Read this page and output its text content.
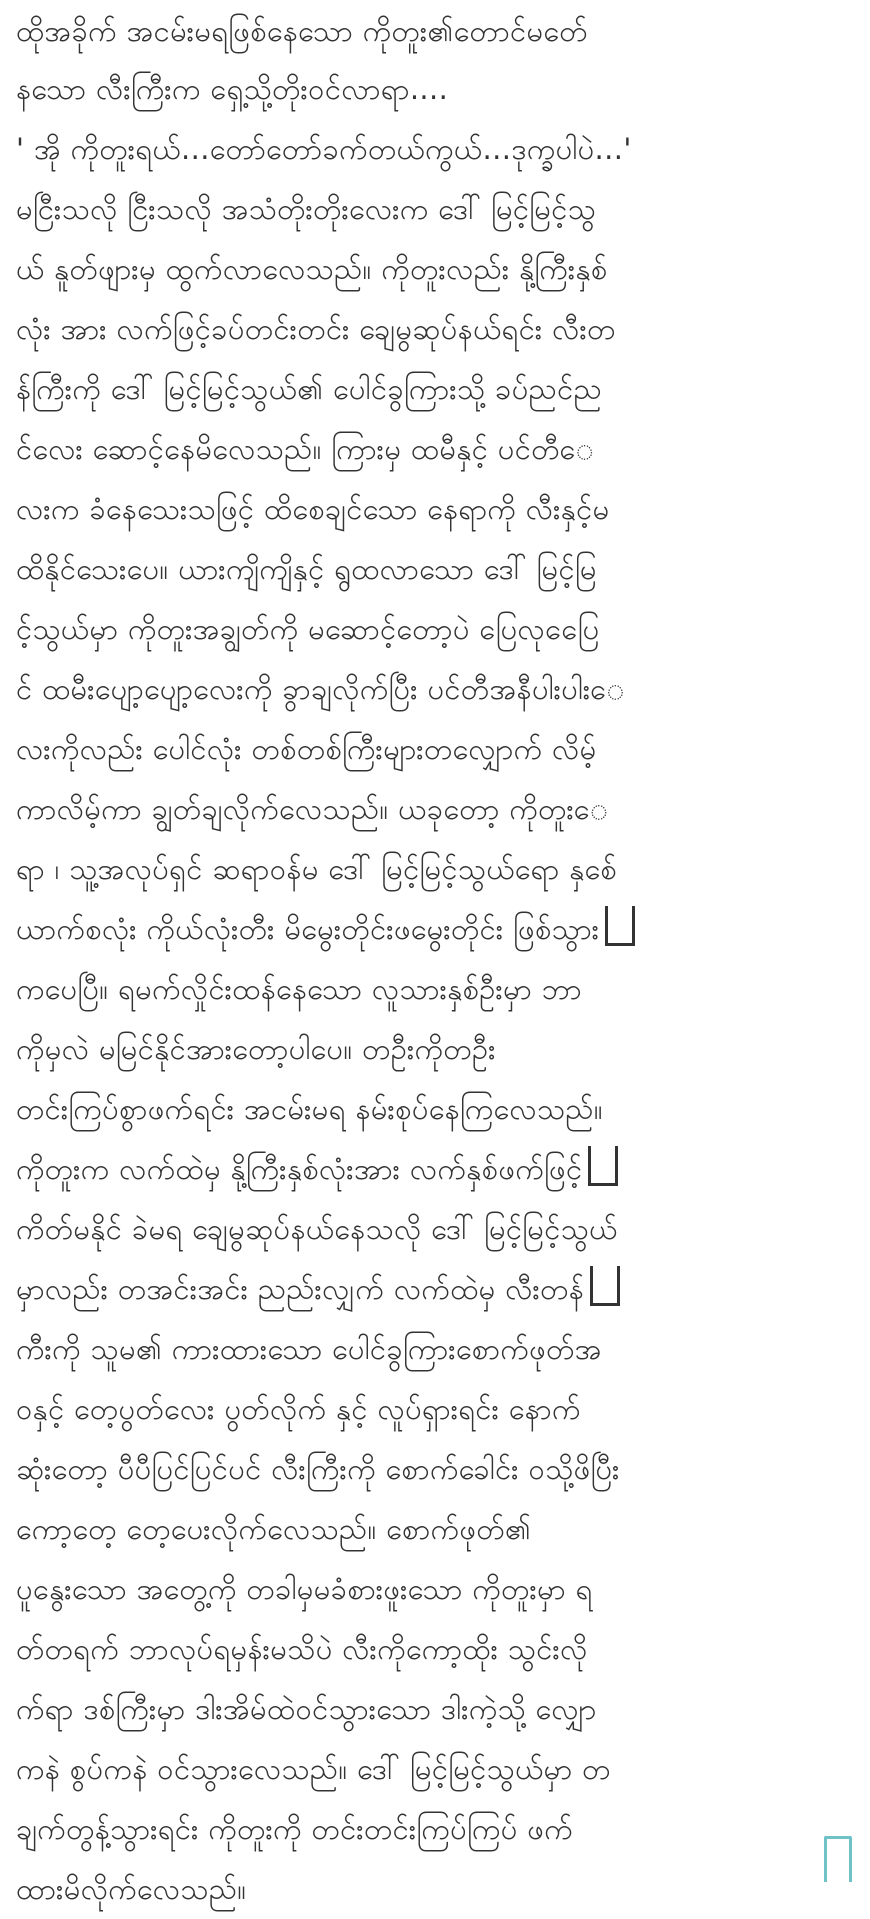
ထိုအခိုက် အငမ်းမရဖြစ်နေသော ကိုတူး၏တောင်မတ်ေ
နသော လီးကြီးက ရှေ့သို့တိုးဝင်လာရာ....
' အို ကိုတူးရယ်...တော်တော်ခက်တယ်ကွယ်...ဒုက္ခပါပဲ...'
မငြီးသလို ငြီးသလို အသံတိုးတိုးလေးက ဒေါ် မြင့်မြင့်သွ
ယ် နူတ်ဖျားမှ ထွက်လာလေသည်။ ကိုတူးလည်း နို့ကြီးနှစ်
လုံး အား လက်ဖြင့်ခပ်တင်းတင်း ချေမွဆုပ်နယ်ရင်း လီးတ
န်ကြီးကို ဒေါ် မြင့်မြင့်သွယ်၏ ပေါင်ခွကြားသို့ ခပ်ညင်ည
င်လေး ဆောင့်နေမိလေသည်။ ကြားမှ ထမီနှင့် ပင်တီေ
လးက ခံနေသေးသဖြင့် ထိစေချင်သော နေရာကို လီးနှင့်မ
ထိနိုင်သေးပေ။ ယားကျိကျိနှင့် ရွထလာသော ဒေါ် မြင့်မြ
င့်သွယ်မှာ ကိုတူးအချွတ်ကို မဆောင့်တော့ပဲ ပြေလုပြေေ
င် ထမီးပျော့ပျော့လေးကို ခွာချလိုက်ပြီး ပင်တီအနီပါးပါးေ
လးကိုလည်း ပေါင်လုံး တစ်တစ်ကြီးများတလျှောက် လိမ့်
ကာလိမ့်ကာ ချွတ်ချလိုက်လေသည်။ ယခုတော့ ကိုတူးေ
ရာ ၊ သူ့အလုပ်ရှင် ဆရာဝန်မ ဒေါ် မြင့်မြင့်သွယ်ရော နှစ်ေ
ယာက်စလုံး ကိုယ်လုံးတီး မိမွေးတိုင်းဖမွေးတိုင်း ဖြစ်သွား
ကပေပြီ။ ရမက်လှိုင်းထန်နေသော လူသားနှစ်ဦးမှာ ဘာ
ကိုမှလဲ မမြင်နိုင်အားတော့ပါပေ။ တဦးကိုတဦး
တင်းကြပ်စွာဖက်ရင်း အငမ်းမရ နမ်းစုပ်နေကြလေသည်။
ကိုတူးက လက်ထဲမှ နို့ကြီးနှစ်လုံးအား လက်နှစ်ဖက်ဖြင့်
ကိတ်မနိုင် ခဲမရ ချေမွဆုပ်နယ်နေသလို ဒေါ် မြင့်မြင့်သွယ်
မှာလည်း တအင်းအင်း ညည်းလျှက် လက်ထဲမှ လီးတန်
ကီးကို သူမ၏ ကားထားသော ပေါင်ခွကြားစောက်ဖုတ်အ
ဝနှင့် တေ့ပွတ်လေး ပွတ်လိုက် နှင့် လူပ်ရှားရင်း နောက်
ဆုံးတော့ ပီပီပြင်ပြင်ပင် လီးကြီးကို စောက်ခေါင်း ဝသို့ဖိပြီး
ကော့တေ့ တေ့ပေးလိုက်လေသည်။ စောက်ဖုတ်၏
ပူနွေးသော အတွေ့ကို တခါမှမခံစားဖူးသော ကိုတူးမှာ ရ
တ်တရက် ဘာလုပ်ရမှန်းမသိပဲ လီးကိုကော့ထိုး သွင်းလို
က်ရာ ဒစ်ကြီးမှာ ဒါးအိမ်ထဲဝင်သွားသော ဒါးကဲ့သို့ လျှော
ကနဲ စွပ်ကနဲ ဝင်သွားလေသည်။ ဒေါ် မြင့်မြင့်သွယ်မှာ တ
ချက်တွန့်သွားရင်း ကိုတူးကို တင်းတင်းကြပ်ကြပ် ဖက်
ထားမိလိုက်လေသည်။
